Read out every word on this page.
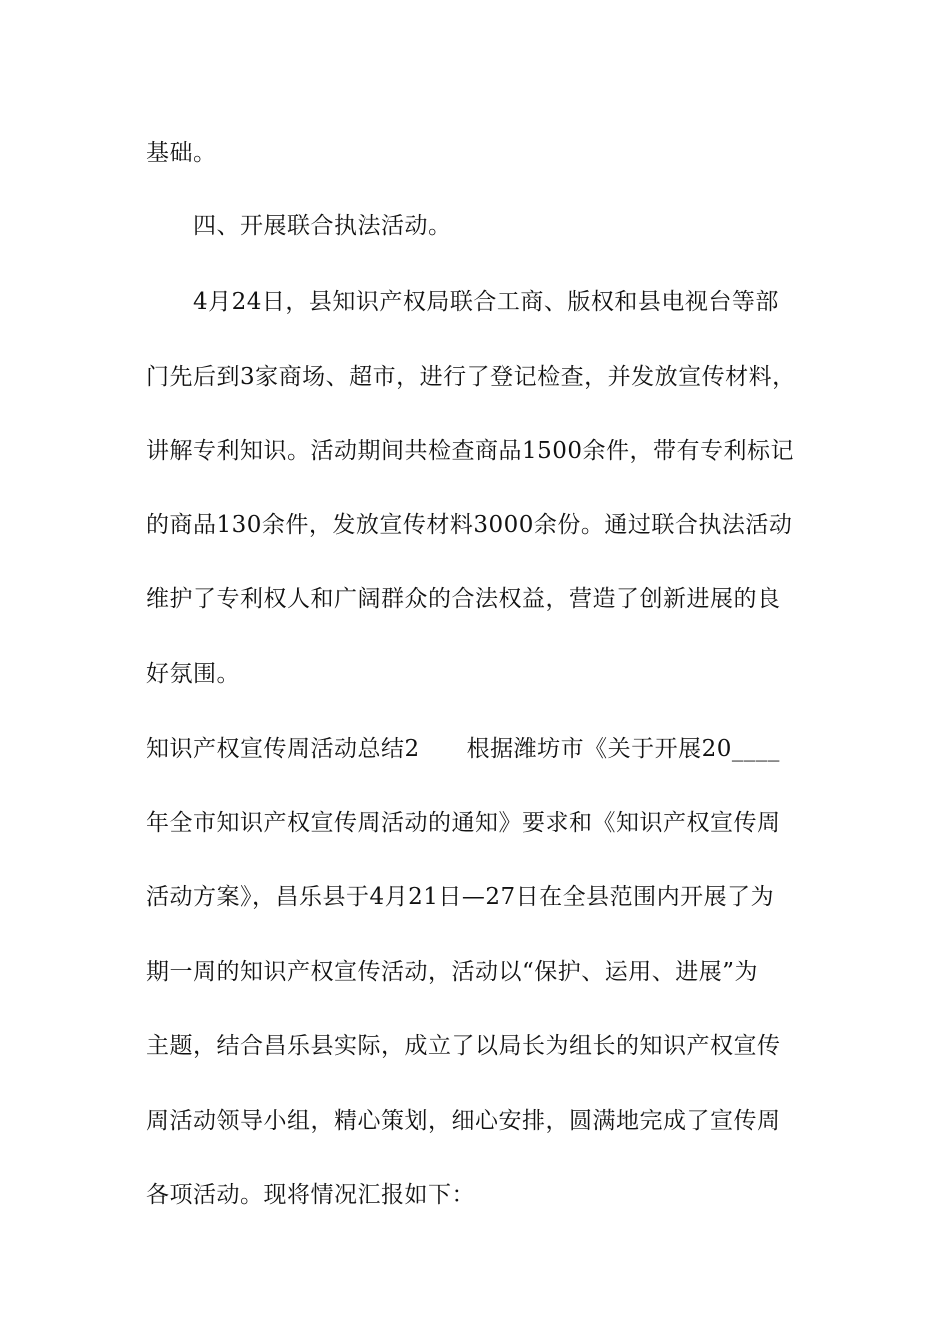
基础。

　　四、开展联合执法活动。

　　4月24日，县知识产权局联合工商、版权和县电视台等部

门先后到3家商场、超市，进行了登记检查，并发放宣传材料，

讲解专利知识。活动期间共检查商品1500余件，带有专利标记

的商品130余件，发放宣传材料3000余份。通过联合执法活动

维护了专利权人和广阔群众的合法权益，营造了创新进展的良

好氛围。

知识产权宣传周活动总结2　　根据潍坊市《关于开展20____

年全市知识产权宣传周活动的通知》要求和《知识产权宣传周

活动方案》，昌乐县于4月21日—27日在全县范围内开展了为

期一周的知识产权宣传活动，活动以“保护、运用、进展”为

主题，结合昌乐县实际，成立了以局长为组长的知识产权宣传

周活动领导小组，精心策划，细心安排，圆满地完成了宣传周

各项活动。现将情况汇报如下：
